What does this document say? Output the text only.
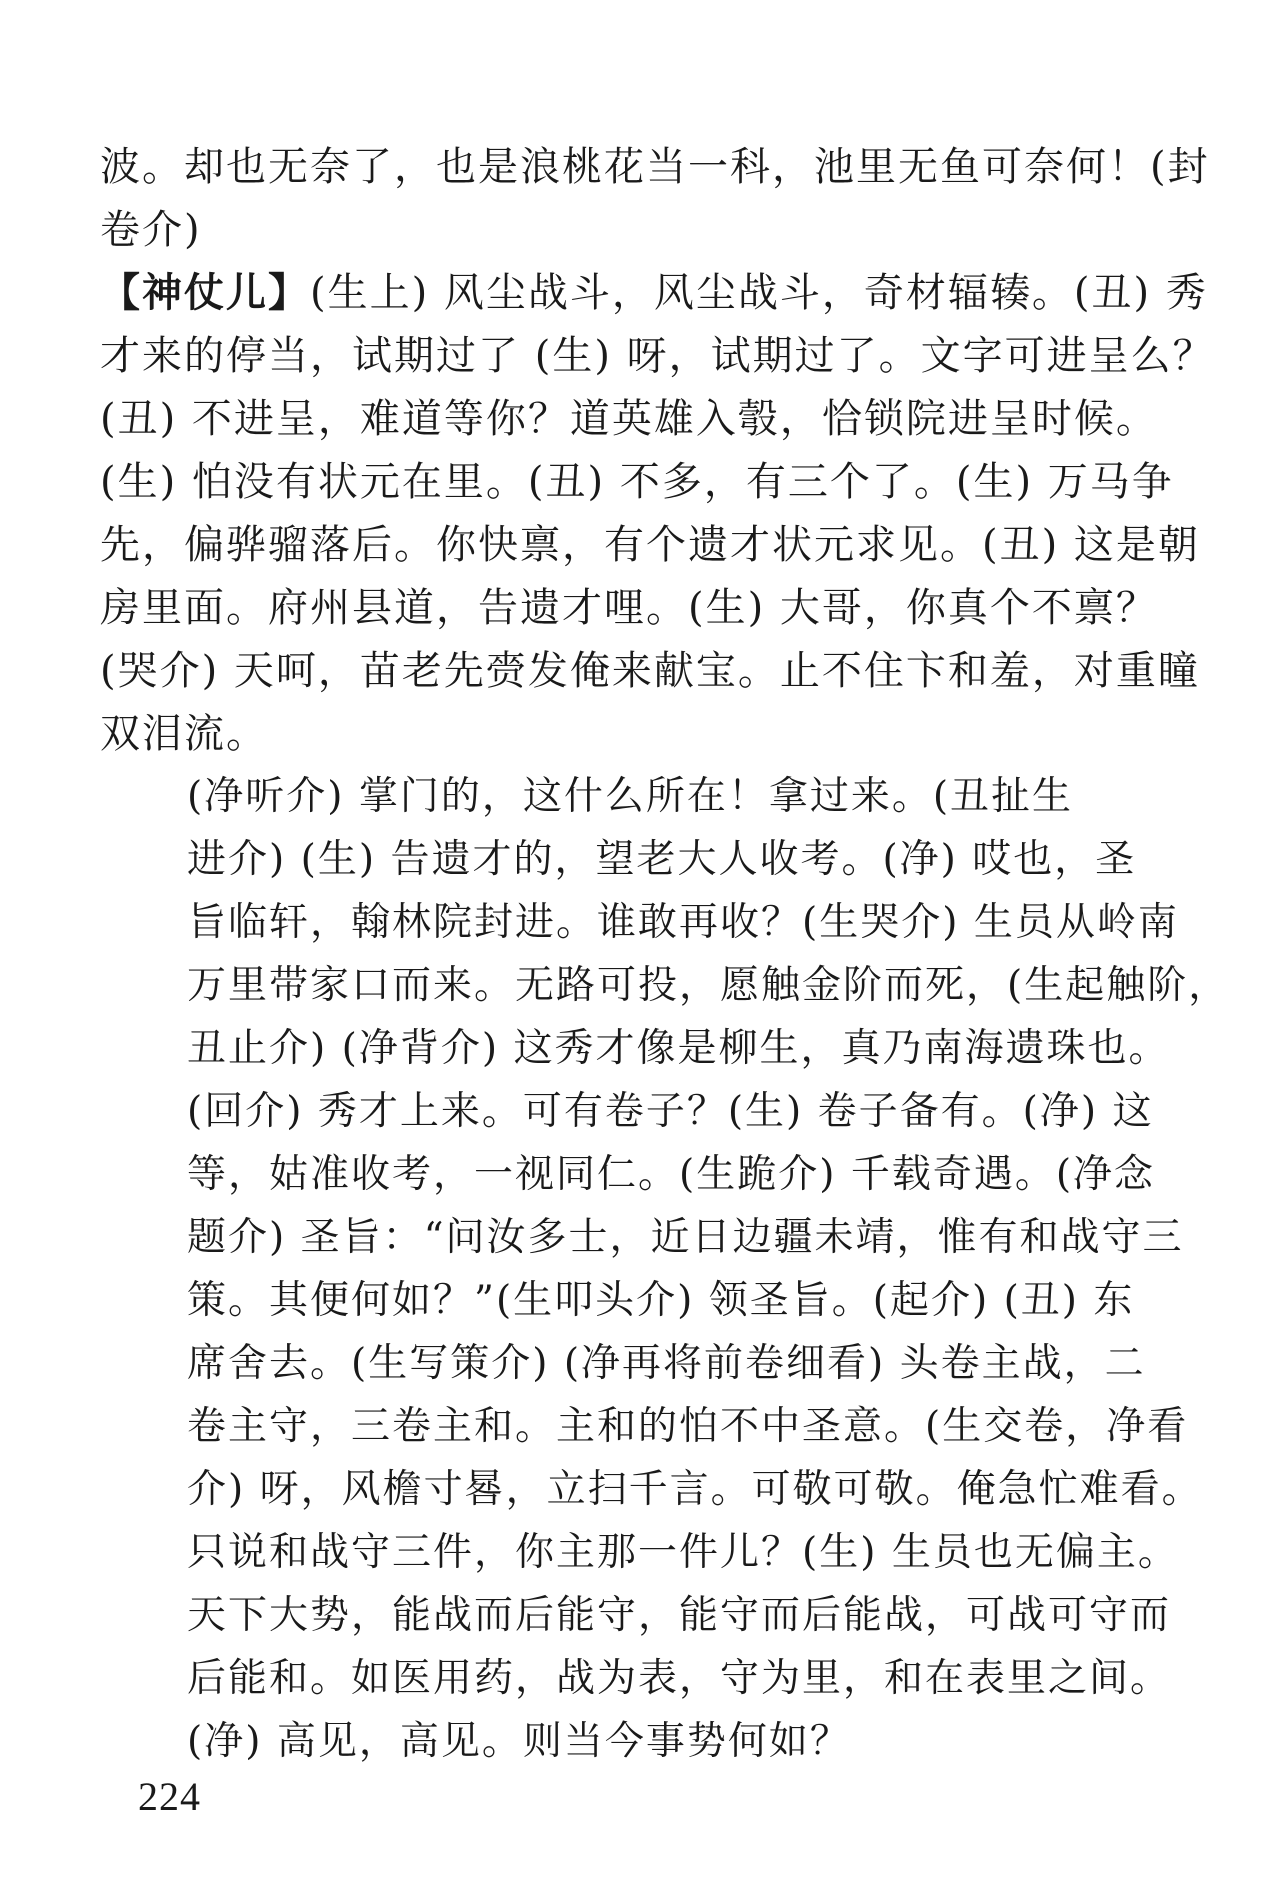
波。却也无奈了，也是浪桃花当一科，池里无鱼可奈何！(封
卷介)
【神仗儿】(生上) 风尘战斗，风尘战斗，奇材辐辏。(丑) 秀
才来的停当，试期过了 (生) 呀，试期过了。文字可进呈么？
(丑) 不进呈，难道等你？道英雄入彀，恰锁院进呈时候。
(生) 怕没有状元在里。(丑) 不多，有三个了。(生) 万马争
先，偏骅骝落后。你快禀，有个遗才状元求见。(丑) 这是朝
房里面。府州县道，告遗才哩。(生) 大哥，你真个不禀？
(哭介) 天呵，苗老先赍发俺来献宝。止不住卞和羞，对重瞳
双泪流。
(净听介) 掌门的，这什么所在！拿过来。(丑扯生
进介) (生) 告遗才的，望老大人收考。(净) 哎也，圣
旨临轩，翰林院封进。谁敢再收？(生哭介) 生员从岭南
万里带家口而来。无路可投，愿触金阶而死，(生起触阶，
丑止介) (净背介) 这秀才像是柳生，真乃南海遗珠也。
(回介) 秀才上来。可有卷子？(生) 卷子备有。(净) 这
等，姑准收考，一视同仁。(生跪介) 千载奇遇。(净念
题介) 圣旨：“问汝多士，近日边疆未靖，惟有和战守三
策。其便何如？”(生叩头介) 领圣旨。(起介) (丑) 东
席舍去。(生写策介) (净再将前卷细看) 头卷主战，二
卷主守，三卷主和。主和的怕不中圣意。(生交卷，净看
介) 呀，风檐寸晷，立扫千言。可敬可敬。俺急忙难看。
只说和战守三件，你主那一件儿？(生) 生员也无偏主。
天下大势，能战而后能守，能守而后能战，可战可守而
后能和。如医用药，战为表，守为里，和在表里之间。
(净) 高见，高见。则当今事势何如？
224
